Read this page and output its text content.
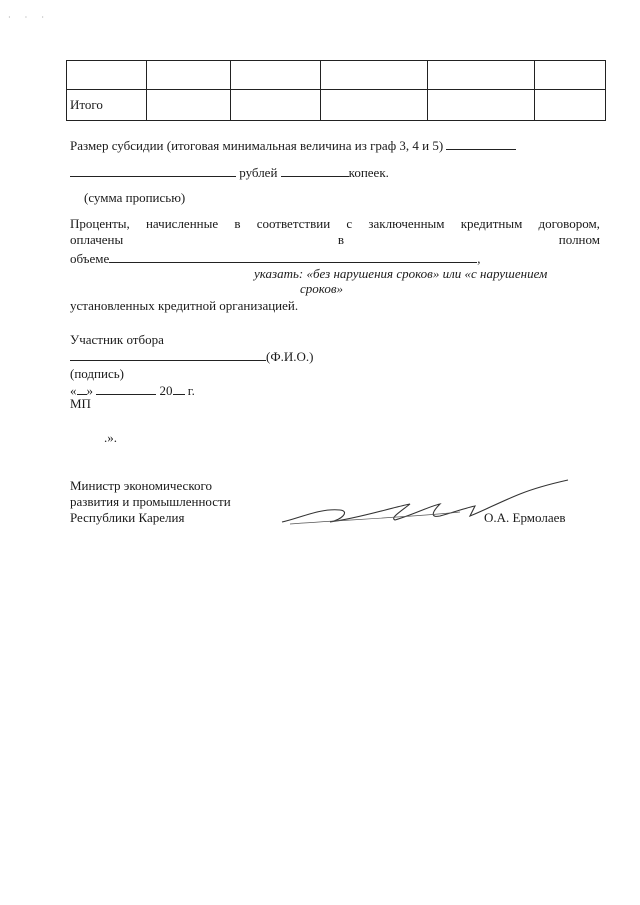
· · ·

Итого					
Размер субсидии (итоговая минимальная величина из граф 3, 4 и 5)
рублей	копеек.
(сумма прописью)
Проценты, начисленные в соответствии с заключенным кредитным договором,
оплачены	в	полном
объеме	,
указать: «без нарушения сроков» или «с нарушением
сроков»
установленных кредитной организацией.
Участник отбора
(Ф.И.О.)
(подпись)
« »	20 г.
МП
.».
Министр экономического
развития и промышленности
Республики Карелия	О.А. Ермолаев
